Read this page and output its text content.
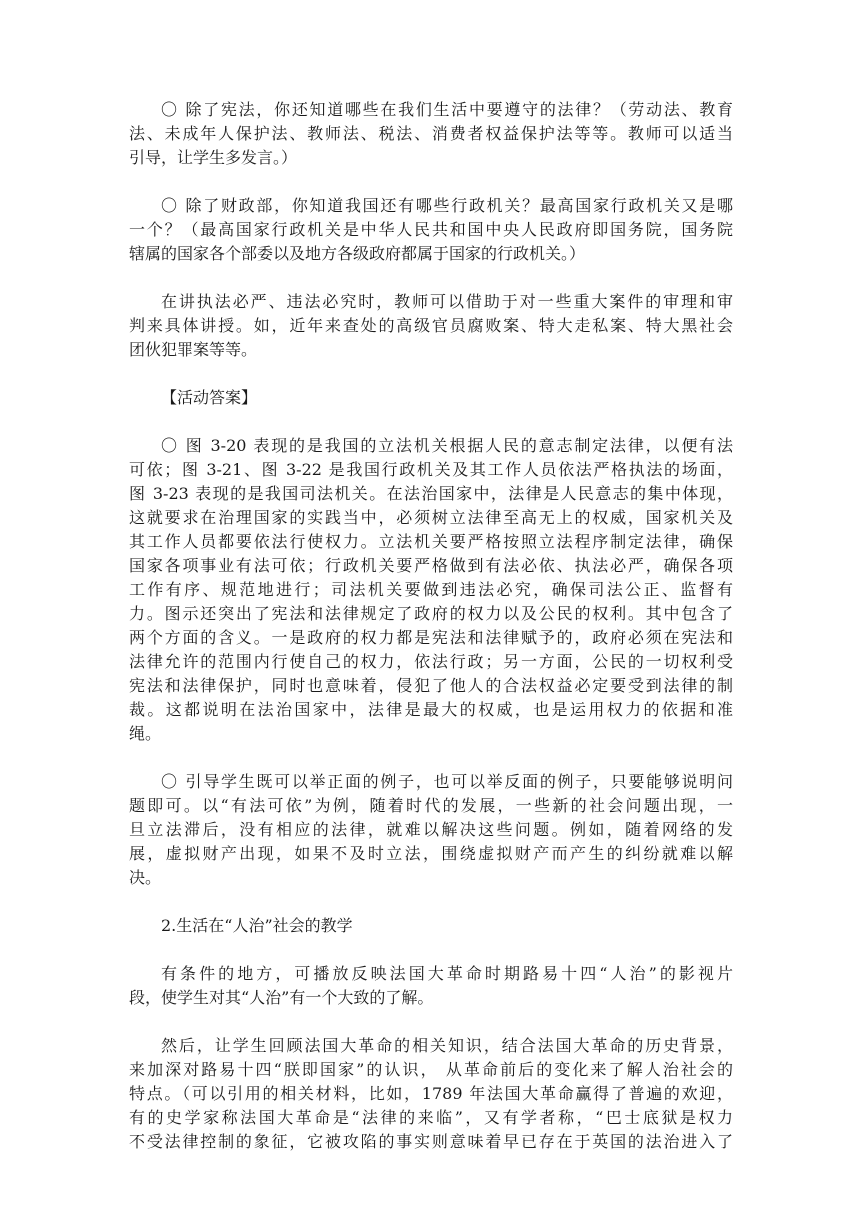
〇 除了宪法，你还知道哪些在我们生活中要遵守的法律？（劳动法、教育
法、未成年人保护法、教师法、税法、消费者权益保护法等等。教师可以适当
引导，让学生多发言。）
〇 除了财政部，你知道我国还有哪些行政机关？最高国家行政机关又是哪
一个？（最高国家行政机关是中华人民共和国中央人民政府即国务院，国务院
辖属的国家各个部委以及地方各级政府都属于国家的行政机关。）
在讲执法必严、违法必究时，教师可以借助于对一些重大案件的审理和审
判来具体讲授。如，近年来查处的高级官员腐败案、特大走私案、特大黑社会
团伙犯罪案等等。
【活动答案】
〇 图 3-20 表现的是我国的立法机关根据人民的意志制定法律，以便有法
可依；图 3-21、图 3-22 是我国行政机关及其工作人员依法严格执法的场面，
图 3-23 表现的是我国司法机关。在法治国家中，法律是人民意志的集中体现，
这就要求在治理国家的实践当中，必须树立法律至高无上的权威，国家机关及
其工作人员都要依法行使权力。立法机关要严格按照立法程序制定法律，确保
国家各项事业有法可依；行政机关要严格做到有法必依、执法必严，确保各项
工作有序、规范地进行；司法机关要做到违法必究，确保司法公正、监督有
力。图示还突出了宪法和法律规定了政府的权力以及公民的权利。其中包含了
两个方面的含义。一是政府的权力都是宪法和法律赋予的，政府必须在宪法和
法律允许的范围内行使自己的权力，依法行政；另一方面，公民的一切权利受
宪法和法律保护，同时也意味着，侵犯了他人的合法权益必定要受到法律的制
裁。这都说明在法治国家中，法律是最大的权威，也是运用权力的依据和准
绳。
〇 引导学生既可以举正面的例子，也可以举反面的例子，只要能够说明问
题即可。以“有法可依”为例，随着时代的发展，一些新的社会问题出现，一
旦立法滞后，没有相应的法律，就难以解决这些问题。例如，随着网络的发
展，虚拟财产出现，如果不及时立法，围绕虚拟财产而产生的纠纷就难以解
决。
2.生活在“人治”社会的教学
有条件的地方，可播放反映法国大革命时期路易十四“人治”的影视片
段，使学生对其“人治”有一个大致的了解。
然后，让学生回顾法国大革命的相关知识，结合法国大革命的历史背景，
来加深对路易十四“朕即国家”的认识， 从革命前后的变化来了解人治社会的
特点。（可以引用的相关材料，比如，1789 年法国大革命赢得了普遍的欢迎，
有的史学家称法国大革命是“法律的来临”，又有学者称，“巴士底狱是权力
不受法律控制的象征，它被攻陷的事实则意味着早已存在于英国的法治进入了
